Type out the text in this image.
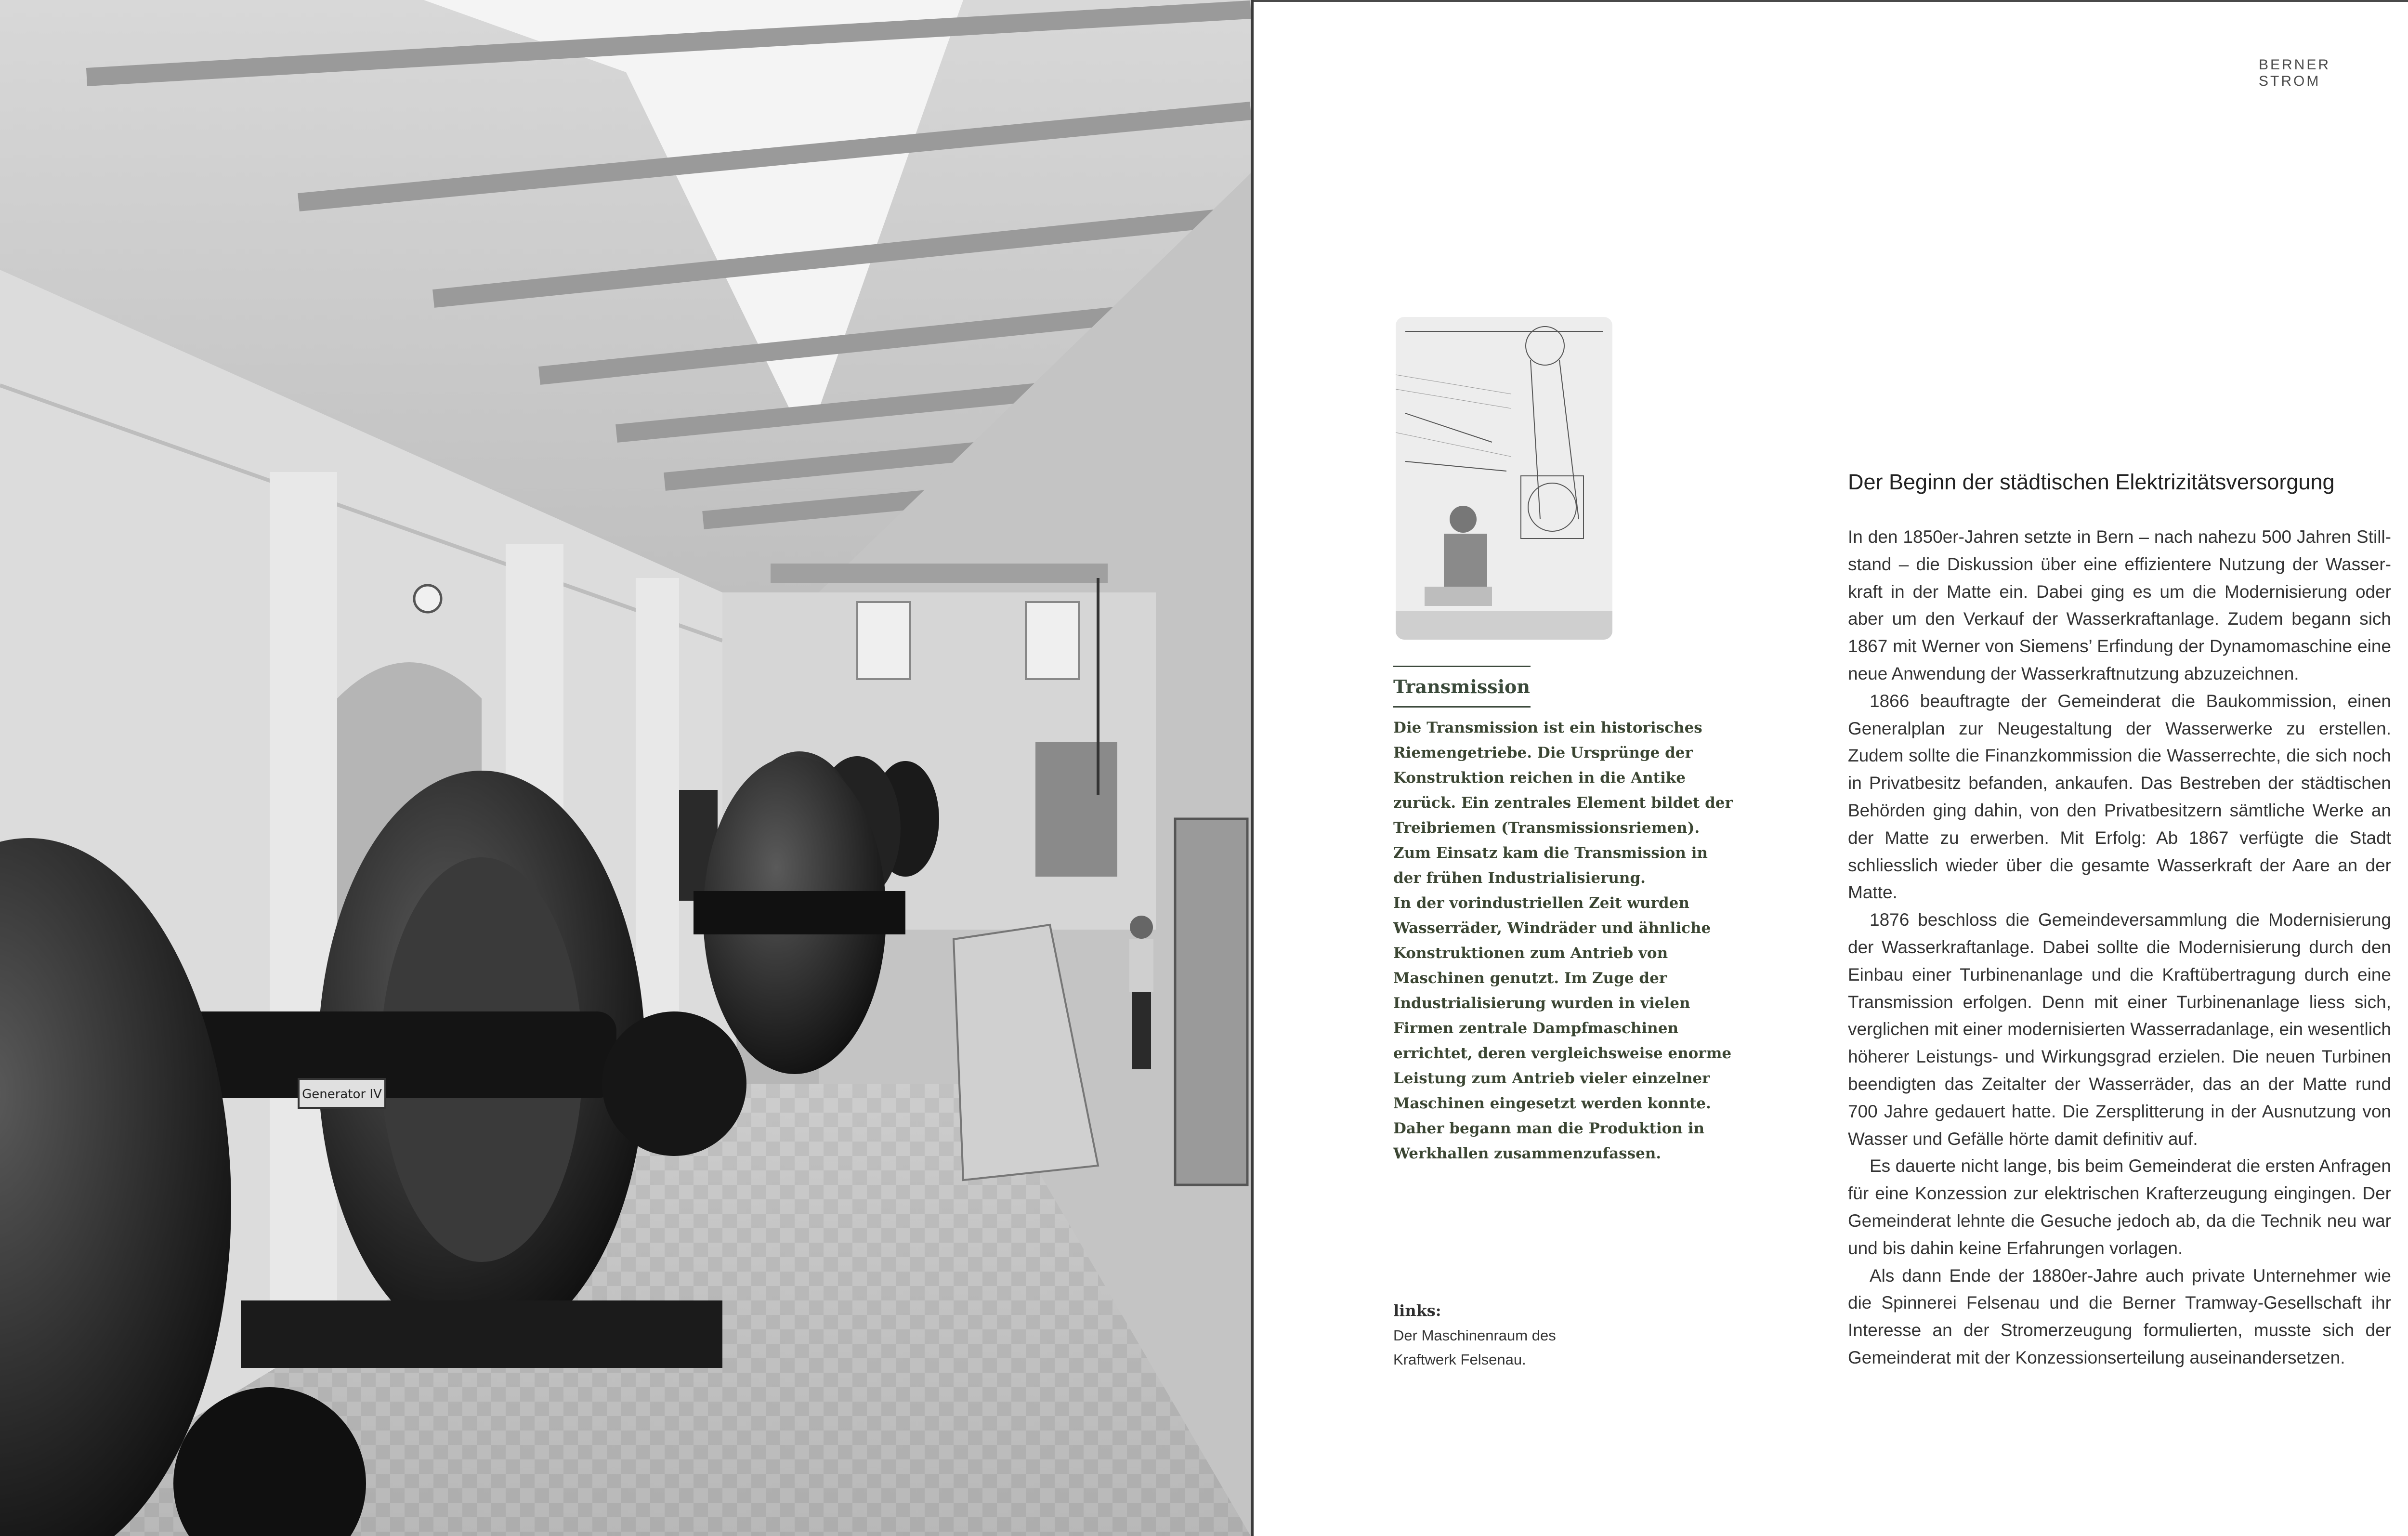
Generator IV
BERNER STROM
Transmission
Die Transmission ist ein historisches
Riemengetriebe. Die Ursprünge der
Konstruktion reichen in die Antike
zurück. Ein zentrales Element bildet der
Treibriemen (Transmissionsriemen).
Zum Einsatz kam die Transmission in
der frühen Industrialisierung.
In der vorindustriellen Zeit wurden
Wasserräder, Windräder und ähnliche
Konstruktionen zum Antrieb von
Maschinen genutzt. Im Zuge der
Industrialisierung wurden in vielen
Firmen zentrale Dampfmaschinen
errichtet, deren vergleichsweise enorme
Leistung zum Antrieb vieler einzelner
Maschinen eingesetzt werden konnte.
Daher begann man die Produktion in
Werkhallen zusammenzufassen.
links:
Der Maschinenraum des
Kraftwerk Felsenau.
Der Beginn der städtischen Elektrizitätsversorgung

In den 1850er-Jahren setzte in Bern – nach nahezu 500 Jahren Stillstand – die Diskussion über eine effizientere Nutzung der Wasserkraft in der Matte ein. Dabei ging es um die Modernisierung oder aber um den Verkauf der Wasserkraftanlage. Zudem begann sich 1867 mit Werner von Siemens’ Erfindung der Dynamomaschine eine neue Anwendung der Wasserkraftnutzung abzuzeichnen.

1866 beauftragte der Gemeinderat die Baukommission, einen Generalplan zur Neugestaltung der Wasserwerke zu erstellen. Zudem sollte die Finanzkommission die Wasserrechte, die sich noch in Privatbesitz befanden, ankaufen. Das Bestreben der städtischen Behörden ging dahin, von den Privatbesitzern sämtliche Werke an der Matte zu erwerben. Mit Erfolg: Ab 1867 verfügte die Stadt schliesslich wieder über die gesamte Wasserkraft der Aare an der Matte.

1876 beschloss die Gemeindeversammlung die Modernisierung der Wasserkraftanlage. Dabei sollte die Modernisierung durch den Einbau einer Turbinenanlage und die Kraftübertragung durch eine Transmission erfolgen. Denn mit einer Turbinenanlage liess sich, verglichen mit einer modernisierten Wasserradanlage, ein wesentlich höherer Leistungs- und Wirkungsgrad erzielen. Die neuen Turbinen beendigten das Zeitalter der Wasserräder, das an der Matte rund 700 Jahre gedauert hatte. Die Zersplitterung in der Ausnutzung von Wasser und Gefälle hörte damit definitiv auf.

Es dauerte nicht lange, bis beim Gemeinderat die ersten Anfragen für eine Konzession zur elektrischen Krafterzeugung eingingen. Der Gemeinderat lehnte die Gesuche jedoch ab, da die Technik neu war und bis dahin keine Erfahrungen vorlagen.

Als dann Ende der 1880er-Jahre auch private Unternehmer wie die Spinnerei Felsenau und die Berner Tramway-Gesellschaft ihr Interesse an der Stromerzeugung formulierten, musste sich der Gemeinderat mit der Konzessionserteilung auseinandersetzen.
